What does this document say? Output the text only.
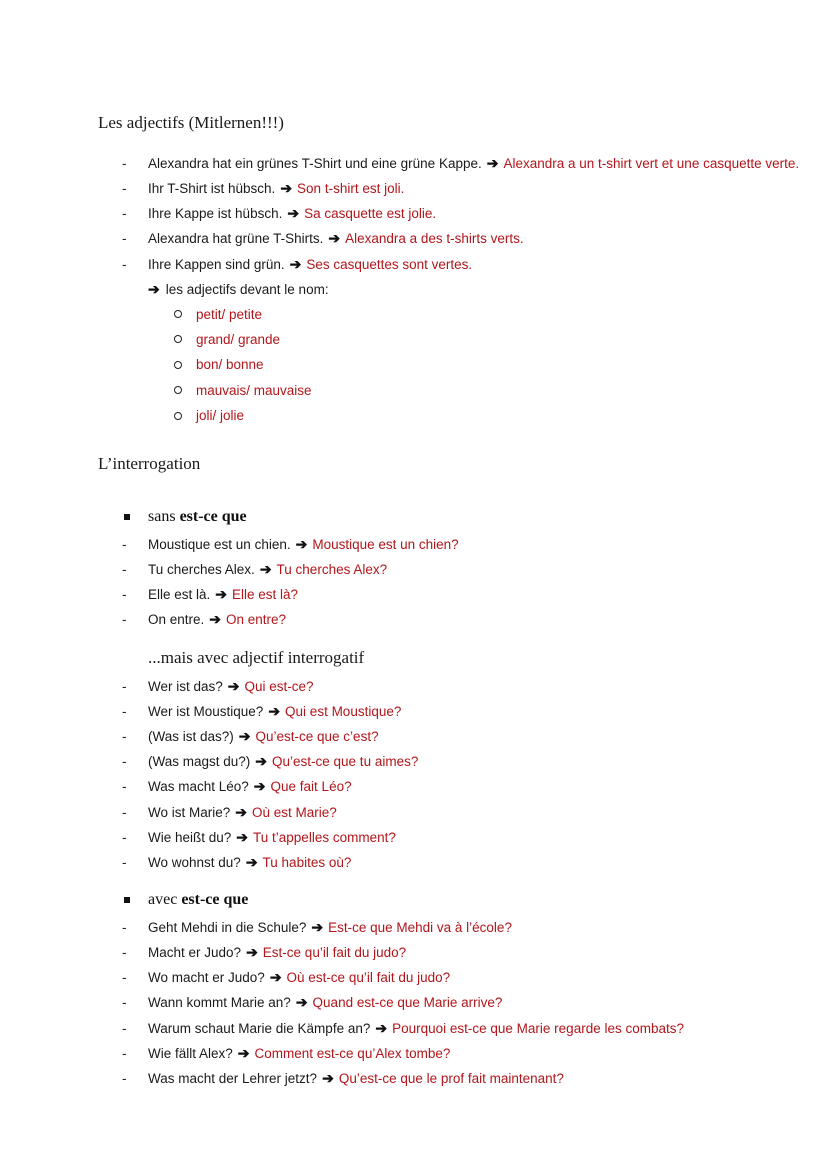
Les adjectifs (Mitlernen!!!)
-	Alexandra hat ein grünes T-Shirt und eine grüne Kappe. ➔ Alexandra a un t-shirt vert et une casquette verte.
-	Ihr T-Shirt ist hübsch. ➔ Son t-shirt est joli.
-	Ihre Kappe ist hübsch. ➔ Sa casquette est jolie.
-	Alexandra hat grüne T-Shirts. ➔ Alexandra a des t-shirts verts.
-	Ihre Kappen sind grün. ➔ Ses casquettes sont vertes.
➔ les adjectifs devant le nom:
petit/ petite
grand/ grande
bon/ bonne
mauvais/ mauvaise
joli/ jolie
L’interrogation
sans
est-ce que
-	Moustique est un chien. ➔ Moustique est un chien?
-	Tu cherches Alex. ➔ Tu cherches Alex?
-	Elle est là. ➔ Elle est là?
-	On entre. ➔ On entre?
...mais avec adjectif interrogatif
-	Wer ist das? ➔ Qui est-ce?
-	Wer ist Moustique? ➔ Qui est Moustique?
-	(Was ist das?) ➔ Qu’est-ce que c’est?
-	(Was magst du?) ➔ Qu’est-ce que tu aimes?
-	Was macht Léo? ➔ Que fait Léo?
-	Wo ist Marie? ➔ Où est Marie?
-	Wie heißt du? ➔ Tu t’appelles comment?
-	Wo wohnst du? ➔ Tu habites où?
avec
est-ce que
-	Geht Mehdi in die Schule? ➔ Est-ce que Mehdi va à l’école?
-	Macht er Judo? ➔ Est-ce qu’il fait du judo?
-	Wo macht er Judo? ➔ Où est-ce qu’il fait du judo?
-	Wann kommt Marie an? ➔ Quand est-ce que Marie arrive?
-	Warum schaut Marie die Kämpfe an? ➔ Pourquoi est-ce que Marie regarde les combats?
-	Wie fällt Alex? ➔ Comment est-ce qu’Alex tombe?
-	Was macht der Lehrer jetzt? ➔ Qu’est-ce que le prof fait maintenant?
